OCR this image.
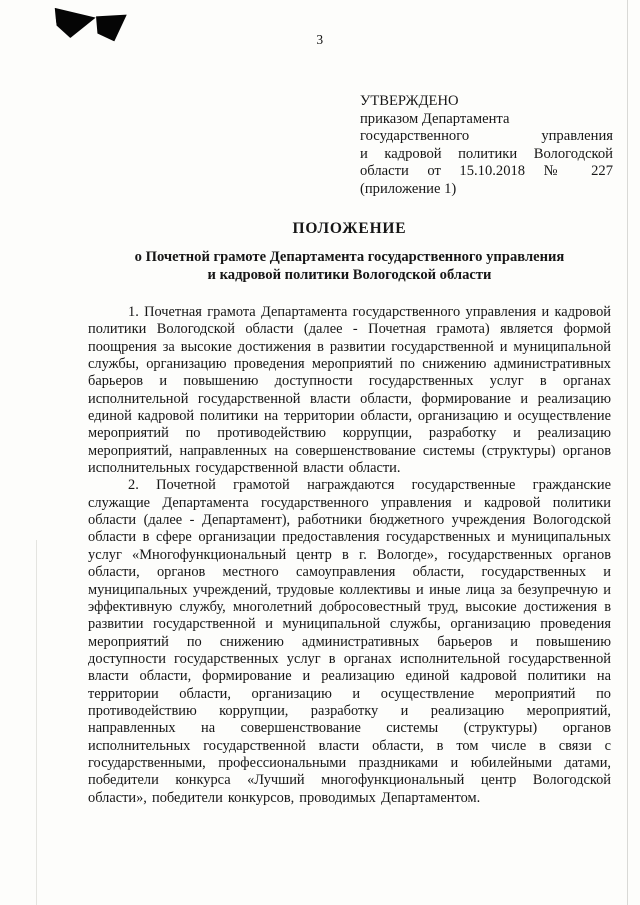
3
УТВЕРЖДЕНО
приказом Департамента
государственного управления
и кадровой политики Вологодской
области от 15.10.2018 № 227
(приложение 1)
ПОЛОЖЕНИЕ
о Почетной грамоте Департамента государственного управления
и кадровой политики Вологодской области

1. Почетная грамота Департамента государственного управления и кадровой политики Вологодской области (далее - Почетная грамота) является формой поощрения за высокие достижения в развитии государственной и муниципальной службы, организацию проведения мероприятий по снижению административных барьеров и повышению доступности государственных услуг в органах исполнительной государственной власти области, формирование и реализацию единой кадровой политики на территории области, организацию и осуществление мероприятий по противодействию коррупции, разработку и реализацию мероприятий, направленных на совершенствование системы (структуры) органов исполнительных государственной власти области.

2. Почетной грамотой награждаются государственные гражданские служащие Департамента государственного управления и кадровой политики области (далее - Департамент), работники бюджетного учреждения Вологодской области в сфере организации предоставления государственных и муниципальных услуг «Многофункциональный центр в г. Вологде», государственных органов области, органов местного самоуправления области, государственных и муниципальных учреждений, трудовые коллективы и иные лица за безупречную и эффективную службу, многолетний добросовестный труд, высокие достижения в развитии государственной и муниципальной службы, организацию проведения мероприятий по снижению административных барьеров и повышению доступности государственных услуг в органах исполнительной государственной власти области, формирование и реализацию единой кадровой политики на территории области, организацию и осуществление мероприятий по противодействию коррупции, разработку и реализацию мероприятий, направленных на совершенствование системы (структуры) органов исполнительных государственной власти области, в том числе в связи с государственными, профессиональными праздниками и юбилейными датами, победители конкурса «Лучший многофункциональный центр Вологодской области», победители конкурсов, проводимых Департаментом.
